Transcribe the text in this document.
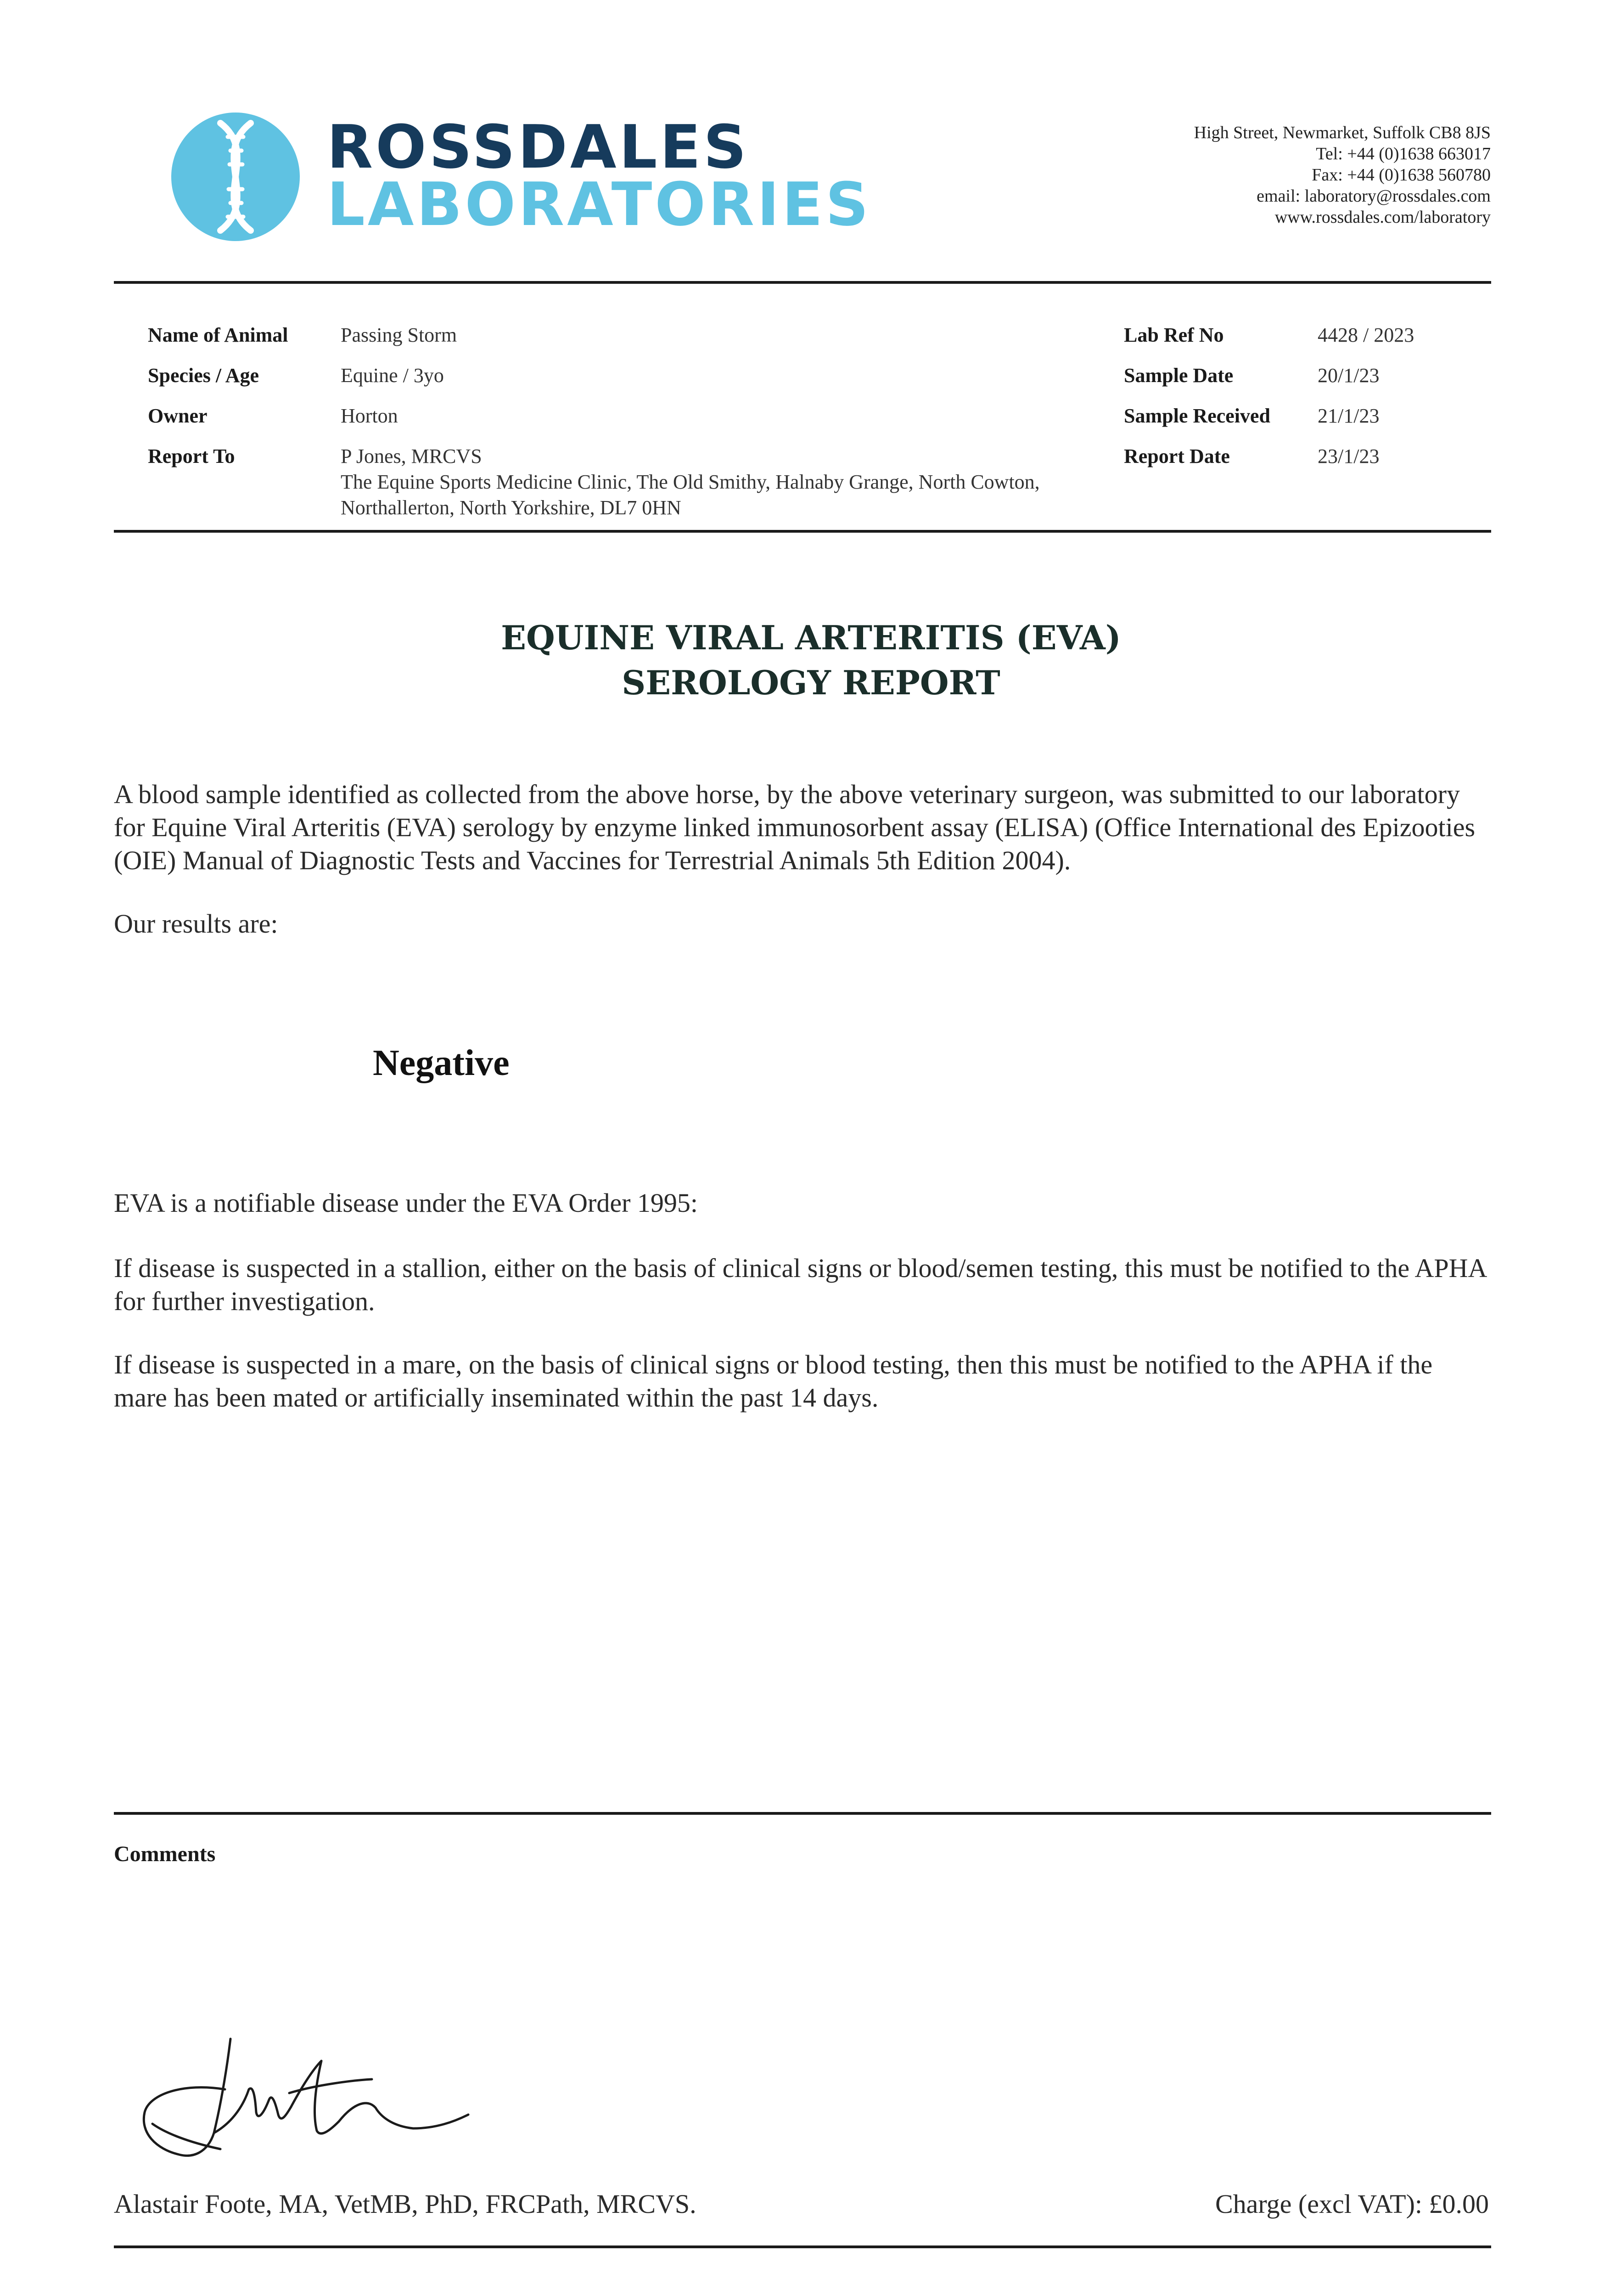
ROSSDALES
LABORATORIES
High Street, Newmarket, Suffolk CB8 8JS
Tel: +44 (0)1638 663017
Fax: +44 (0)1638 560780
email: laboratory@rossdales.com
www.rossdales.com/laboratory
Name of Animal	Passing Storm
Species / Age	Equine / 3yo
Owner	Horton
Report To	P Jones, MRCVS
The Equine Sports Medicine Clinic, The Old Smithy, Halnaby Grange, North Cowton,
Northallerton, North Yorkshire, DL7 0HN
Lab Ref No	4428 / 2023
Sample Date	20/1/23
Sample Received 21/1/23
Report Date	23/1/23
EQUINE VIRAL ARTERITIS (EVA)
SEROLOGY REPORT
A blood sample identified as collected from the above horse, by the above veterinary surgeon, was submitted to our laboratory for Equine Viral Arteritis (EVA) serology by enzyme linked immunosorbent assay (ELISA) (Office International des Epizooties (OIE) Manual of Diagnostic Tests and Vaccines for Terrestrial Animals 5th Edition 2004).
Our results are:
Negative
EVA is a notifiable disease under the EVA Order 1995:
If disease is suspected in a stallion, either on the basis of clinical signs or blood/semen testing, this must be notified to the APHA for further investigation.
If disease is suspected in a mare, on the basis of clinical signs or blood testing, then this must be notified to the APHA if the mare has been mated or artificially inseminated within the past 14 days.
Comments
Alastair Foote, MA, VetMB, PhD, FRCPath, MRCVS.	Charge (excl VAT): £0.00
